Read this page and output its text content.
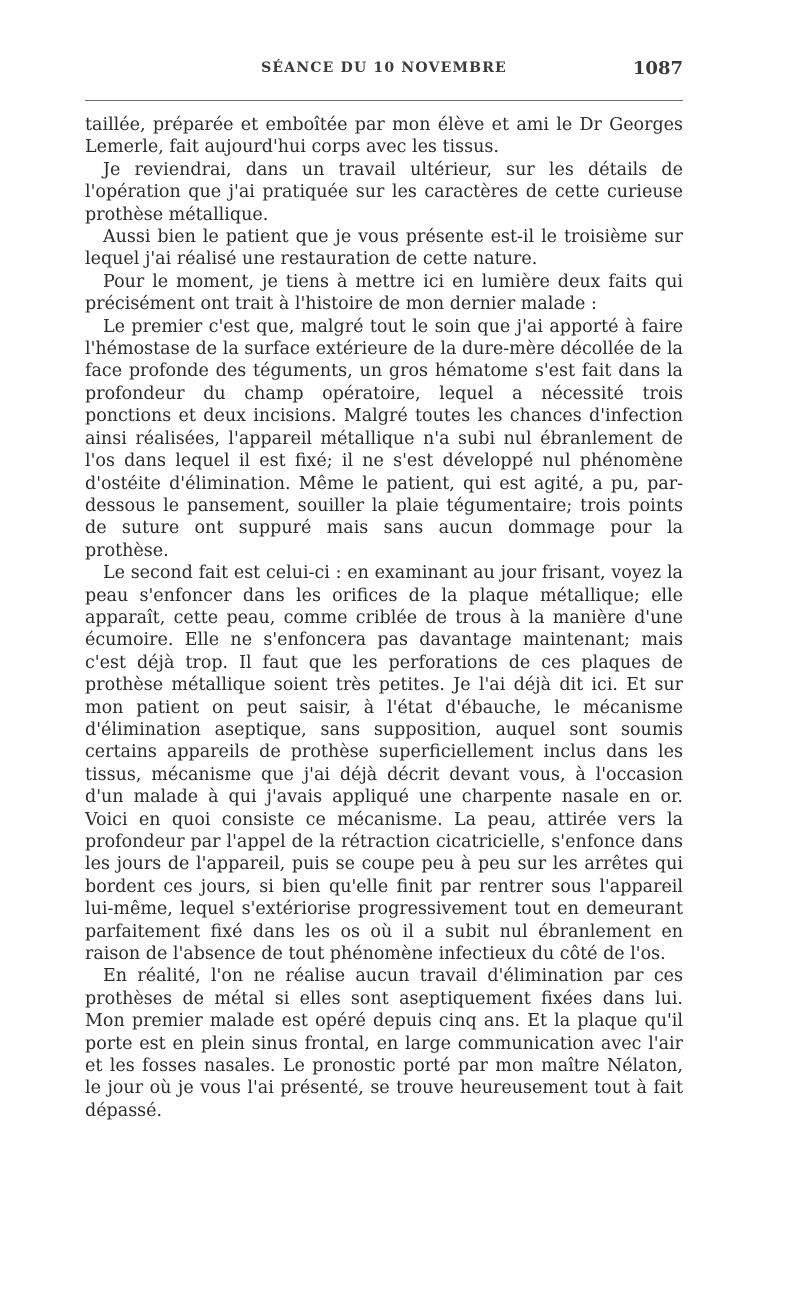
SÉANCE DU 10 NOVEMBRE	1087

taillée, préparée et emboîtée par mon élève et ami le Dr Georges Lemerle, fait aujourd'hui corps avec les tissus.

Je reviendrai, dans un travail ultérieur, sur les détails de l'opération que j'ai pratiquée sur les caractères de cette curieuse prothèse métallique.

Aussi bien le patient que je vous présente est-il le troisième sur lequel j'ai réalisé une restauration de cette nature.

Pour le moment, je tiens à mettre ici en lumière deux faits qui précisément ont trait à l'histoire de mon dernier malade :

Le premier c'est que, malgré tout le soin que j'ai apporté à faire l'hémostase de la surface extérieure de la dure-mère décollée de la face profonde des téguments, un gros hématome s'est fait dans la profondeur du champ opératoire, lequel a nécessité trois ponctions et deux incisions. Malgré toutes les chances d'infection ainsi réalisées, l'appareil métallique n'a subi nul ébranlement de l'os dans lequel il est fixé; il ne s'est développé nul phénomène d'ostéite d'élimination. Même le patient, qui est agité, a pu, par-dessous le pansement, souiller la plaie tégumentaire; trois points de suture ont suppuré mais sans aucun dommage pour la prothèse.

Le second fait est celui-ci : en examinant au jour frisant, voyez la peau s'enfoncer dans les orifices de la plaque métallique; elle apparaît, cette peau, comme criblée de trous à la manière d'une écumoire. Elle ne s'enfoncera pas davantage maintenant; mais c'est déjà trop. Il faut que les perforations de ces plaques de prothèse métallique soient très petites. Je l'ai déjà dit ici. Et sur mon patient on peut saisir, à l'état d'ébauche, le mécanisme d'élimination aseptique, sans supposition, auquel sont soumis certains appareils de prothèse superficiellement inclus dans les tissus, mécanisme que j'ai déjà décrit devant vous, à l'occasion d'un malade à qui j'avais appliqué une charpente nasale en or. Voici en quoi consiste ce mécanisme. La peau, attirée vers la profondeur par l'appel de la rétraction cicatricielle, s'enfonce dans les jours de l'appareil, puis se coupe peu à peu sur les arrêtes qui bordent ces jours, si bien qu'elle finit par rentrer sous l'appareil lui-même, lequel s'extériorise progressivement tout en demeurant parfaitement fixé dans les os où il a subit nul ébranlement en raison de l'absence de tout phénomène infectieux du côté de l'os.

En réalité, l'on ne réalise aucun travail d'élimination par ces prothèses de métal si elles sont aseptiquement fixées dans lui. Mon premier malade est opéré depuis cinq ans. Et la plaque qu'il porte est en plein sinus frontal, en large communication avec l'air et les fosses nasales. Le pronostic porté par mon maître Nélaton, le jour où je vous l'ai présenté, se trouve heureusement tout à fait dépassé.
